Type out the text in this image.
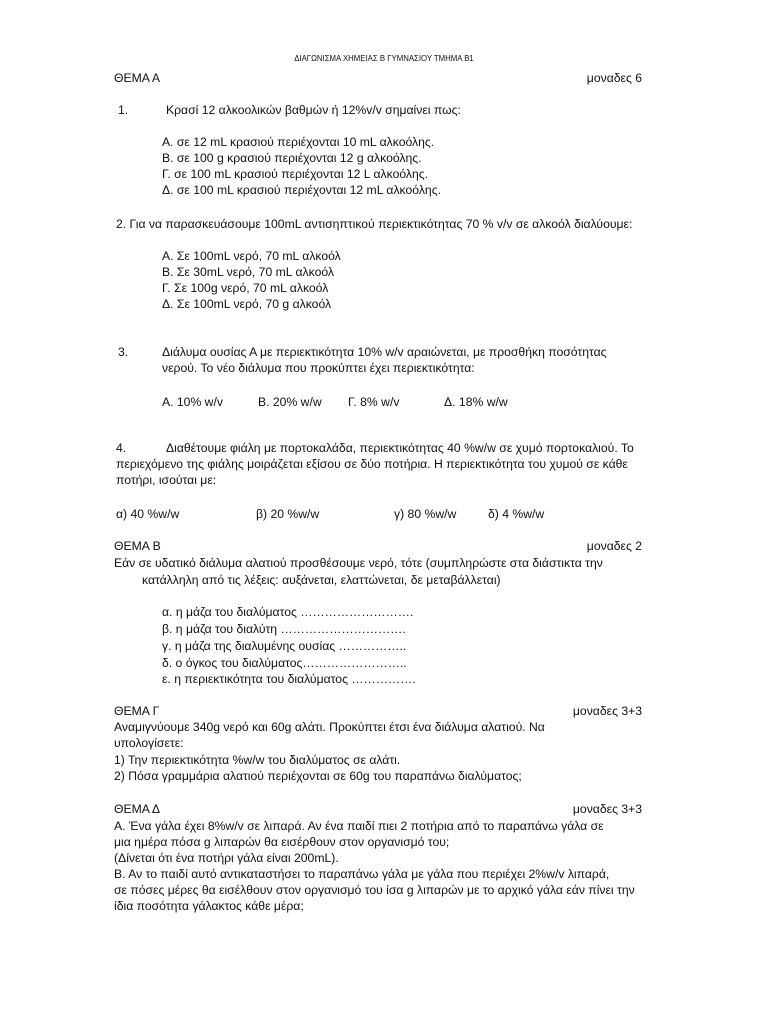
ΔΙΑΓΩΝΙΣΜΑ ΧΗΜΕΙΑΣ Β ΓΥΜΝΑΣΙΟΥ ΤΜΗΜΑ Β1
ΘΕΜΑ Α	μοναδες 6
1.	Κρασί 12 αλκοολικών βαθμών ή 12%v/v σημαίνει πως:
Α. σε 12 mL κρασιού περιέχονται 10 mL αλκοόλης.
Β. σε 100 g κρασιού περιέχονται 12 g αλκοόλης.
Γ. σε 100 mL κρασιού περιέχονται 12 L αλκοόλης.
Δ. σε 100 mL κρασιού περιέχονται 12 mL αλκοόλης.
2. Για να παρασκευάσουμε 100mL αντισηπτικού περιεκτικότητας 70 % v/v σε αλκοόλ διαλύουμε:
Α. Σε 100mL νερό, 70 mL αλκοόλ
Β. Σε 30mL νερό, 70 mL αλκοόλ
Γ. Σε 100g νερό, 70 mL αλκοόλ
Δ. Σε 100mL νερό, 70 g αλκοόλ
3.	Διάλυμα ουσίας Α με περιεκτικότητα 10% w/v αραιώνεται, με προσθήκη ποσότητας
νερού. Το νέο διάλυμα που προκύπτει έχει περιεκτικότητα:
Α. 10% w/v	Β. 20% w/w Γ. 8% w/v	Δ. 18% w/w
4.	Διαθέτουμε φιάλη με πορτοκαλάδα, περιεκτικότητας 40 %w/w σε χυμό πορτοκαλιού. Το
περιεχόμενο της φιάλης μοιράζεται εξίσου σε δύο ποτήρια. Η περιεκτικότητα του χυμού σε κάθε
ποτήρι, ισούται με:
α) 40 %w/w	β) 20 %w/w	γ) 80 %w/w	δ) 4 %w/w
ΘΕΜΑ Β	μοναδες 2
Εάν σε υδατικό διάλυμα αλατιού προσθέσουμε νερό, τότε (συμπληρώστε στα διάστικτα την
κατάλληλη από τις λέξεις: αυξάνεται, ελαττώνεται, δε μεταβάλλεται)
α. η μάζα του διαλύματος ……………………….
β. η μάζα του διαλύτη ………………………….
γ. η μάζα της διαλυμένης ουσίας ……………..
δ. ο όγκος του διαλύματος……………………..
ε. η περιεκτικότητα του διαλύματος …………….
ΘΕΜΑ Γ	μοναδες 3+3
Αναμιγνύουμε 340g νερό και 60g αλάτι. Προκύπτει έτσι ένα διάλυμα αλατιού. Να
υπολογίσετε:
1) Την περιεκτικότητα %w/w του διαλύματος σε αλάτι.
2) Πόσα γραμμάρια αλατιού περιέχονται σε 60g του παραπάνω διαλύματος;
ΘΕΜΑ Δ	μοναδες 3+3
Α. Ένα γάλα έχει 8%w/v σε λιπαρά. Αν ένα παιδί πιει 2 ποτήρια από το παραπάνω γάλα σε
μια ημέρα πόσα g λιπαρών θα εισέρθουν στον οργανισμό του;
(Δίνεται ότι ένα ποτήρι γάλα είναι 200mL).
Β. Αν το παιδί αυτό αντικαταστήσει το παραπάνω γάλα με γάλα που περιέχει 2%w/v λιπαρά,
σε πόσες μέρες θα εισέλθουν στον οργανισμό του ίσα g λιπαρών με το αρχικό γάλα εάν πίνει την
ίδια ποσότητα γάλακτος κάθε μέρα;
